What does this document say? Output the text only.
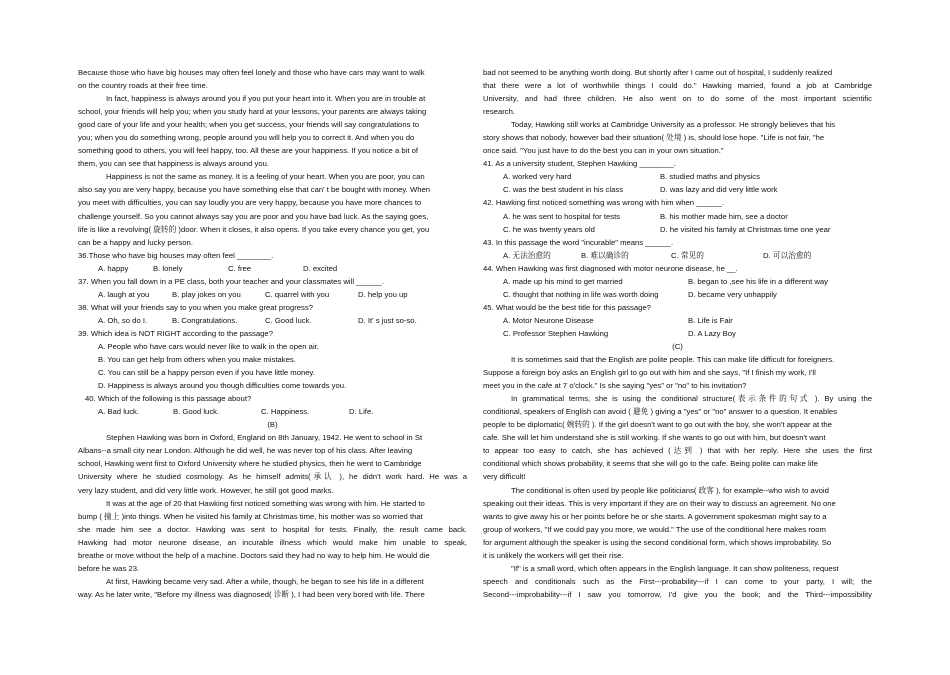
Because those who have big houses may often feel lonely and those who have cars may want to walk
on the country roads at their free time.
In fact, happiness is always around you if you put your heart into it. When you are in trouble at
school, your friends will help you; when you study hard at your lessons, your parents are always taking
good care of your life and your health; when you get success, your friends will say congratulations to
you; when you do something wrong, people around you will help you to correct it. And when you do
something good to others, you will feel happy, too. All these are your happiness. If you notice a bit of
them, you can see that happiness is always around you.
Happiness is not the same as money. It is a feeling of your heart. When you are poor, you can
also say you are very happy, because you have something else that can' t be bought with money. When
you meet with difficulties, you can say loudly you are very happy, because you have more chances to
challenge yourself. So you cannot always say you are poor and you have bad luck. As the saying goes,
life is like a revolving( 旋转的 )door. When it closes, it also opens. If you take every chance you get, you
can be a happy and lucky person.
36.Those who have big houses may often feel ________.
A. happy	B. lonely	C. free	D. excited
37. When you fall down in a PE class, both your teacher and your classmates will ______.
A. laugh at you	B. play jokes on you	C. quarrel with you	D. help you up
38. What will your friends say to you when you make great progress?
A. Oh, so do I.	B. Congratulations.	C. Good luck.	D. It' s just so-so.
39. Which idea is NOT RIGHT according to the passage?
A. People who have cars would never like to walk in the open air.
B. You can get help from others when you make mistakes.
C. You can still be a happy person even if you have little money.
D. Happiness is always around you though difficulties come towards you.
40. Which of the following is this passage about?
A. Bad luck.	B. Good luck.	C. Happiness.	D. Life.
(B)
Stephen Hawking was born in Oxford, England on 8th January, 1942. He went to school in St
Albans--a small city near London. Although he did well, he was never top of his class. After leaving
school, Hawking went first to Oxford University where he studied physics, then he went to Cambridge
University where he studied cosmology. As he himself admits(承认 ), he didn't work hard. He was a
very lazy student, and did very little work. However, he still got good marks.
It was at the age of 20 that Hawking first noticed something was wrong with him. He started to
bump ( 撞上 )into things. When he visited his family at Christmas time, his mother was so worried that
she made him see a doctor. Hawking was sent to hospital for tests. Finally, the result came back.
Hawking had motor neurone disease, an incurable illness which would make him unable to speak,
breathe or move without the help of a machine. Doctors said they had no way to help him. He would die
before he was 23.
At first, Hawking became very sad. After a while, though, he began to see his life in a different
way. As he later write, "Before my illness was diagnosed( 诊断 ), I had been very bored with life. There
bad not seemed to be anything worth doing. But shortly after I came out of hospital, I suddenly realized
that there were a lot of worthwhile things I could do." Hawking married, found a job at Cambridge
University, and had three children. He also went on to do some of the most important scientific
research.
Today, Hawking still works at Cambridge University as a professor. He strongly believes that his
story shows that nobody, however bad their situation( 处境 ) is, should lose hope. "Life is not fair, "he
once said. "You just have to do the best you can in your own situation."
41. As a university student, Stephen Hawking ________.
A. worked very hard	B. studied maths and physics
C. was the best student in his class	D. was lazy and did very little work
42. Hawking first noticed something was wrong with him when ______.
A. he was sent to hospital for tests	B. his mother made him, see a doctor
C. he was twenty years old	D. he visited his family at Christmas time one year
43. In this passage the word "incurable" means ______.
A. 无法治愈的	B. 难以确诊的	C. 常见的	D. 可以治愈的
44. When Hawking was first diagnosed with motor neurone disease, he __.
A. made up his mind to get married	B. began to ,see his life in a different way
C. thought that nothing in life was worth doing	D. became very unhappily
45. What would be the best title for this passage?
A. Motor Neurone Disease	B. Life is Fair
C. Professor Stephen Hawking	D. A Lazy Boy
(C)
It is sometimes said that the English are polite people. This can make life difficult for foreigners.
Suppose a foreign boy asks an English girl to go out with him and she says, "If I finish my work, I'll
meet you in the cafe at 7 o'clock." Is she saying "yes" or "no" to his invitation?
In grammatical terms, she is using the conditional structure(表示条件的句式 ). By using the
conditional, speakers of English can avoid ( 避免 ) giving a "yes" or "no" answer to a question. It enables
people to be diplomatic( 婉转的 ). If the girl doesn't want to go out with the boy, she won't appear at the
cafe. She will let him understand she is still working. If she wants to go out with him, but doesn't want
to appear too easy to catch, she has achieved (达到 ) that with her reply. Here she uses the first
conditional which shows probability, it seems that she will go to the cafe. Being polite can make life
very difficult!
The conditional is often used by people like politicians( 政客 ), for example--who wish to avoid
speaking out their ideas. This is very important if they are on their way to discuss an agreement. No one
wants to give away his or her points before he or she starts. A government spokesman might say to a
group of workers, "If we could pay you more, we would." The use of the conditional here makes room
for argument although the speaker is using the second conditional form, which shows improbability. So
it is unlikely the workers will get their rise.
"If" is a small word, which often appears in the English language. It can show politeness, request
speech and conditionals such as the First---probability---if I can come to your party, I will; the
Second---improbability---if I saw you tomorrow, I'd give you the book; and the Third---impossibility
